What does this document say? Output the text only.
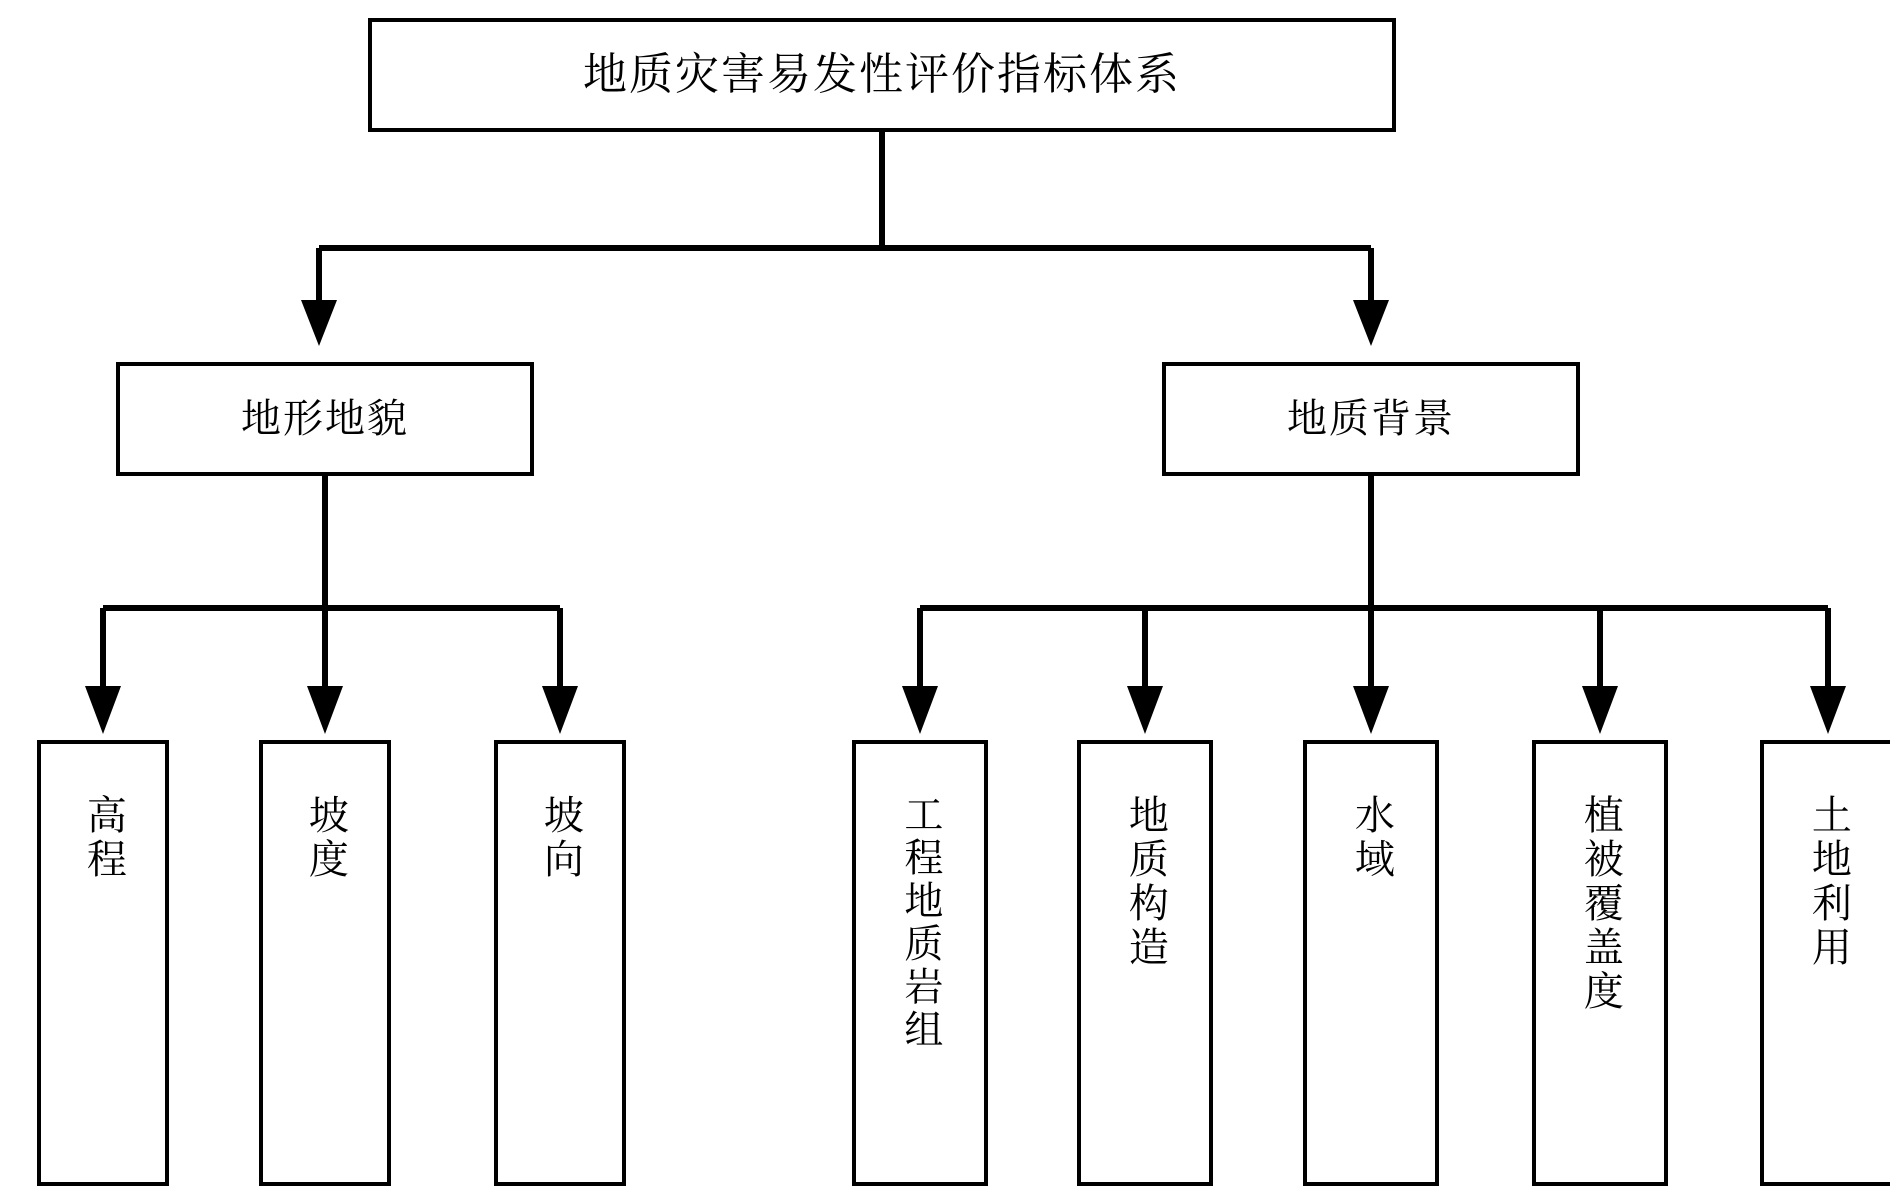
地质灾害易发性评价指标体系
地形地貌	地质背景
高程	坡度	坡向	工程地质岩组	地质构造	水域	植被覆盖度	土地利用
